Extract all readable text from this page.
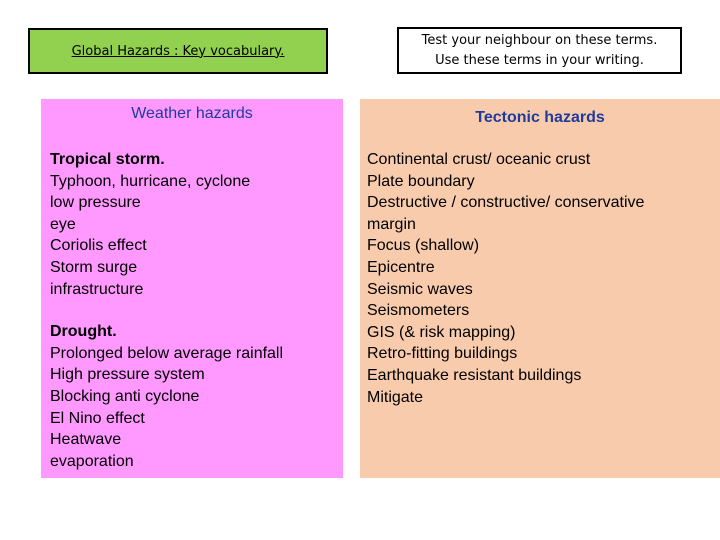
Global Hazards : Key vocabulary.
Test your neighbour on these terms.
Use these terms in your writing.
Weather hazards
Tropical storm.
Typhoon, hurricane, cyclone
low pressure
eye
Coriolis effect
Storm surge
infrastructure
Drought.
Prolonged below average rainfall
High pressure system
Blocking anti cyclone
El Nino effect
Heatwave
evaporation
Tectonic hazards
Continental crust/ oceanic crust
Plate boundary
Destructive / constructive/ conservative
margin
Focus (shallow)
Epicentre
Seismic waves
Seismometers
GIS (& risk mapping)
Retro-fitting buildings
Earthquake resistant buildings
Mitigate
